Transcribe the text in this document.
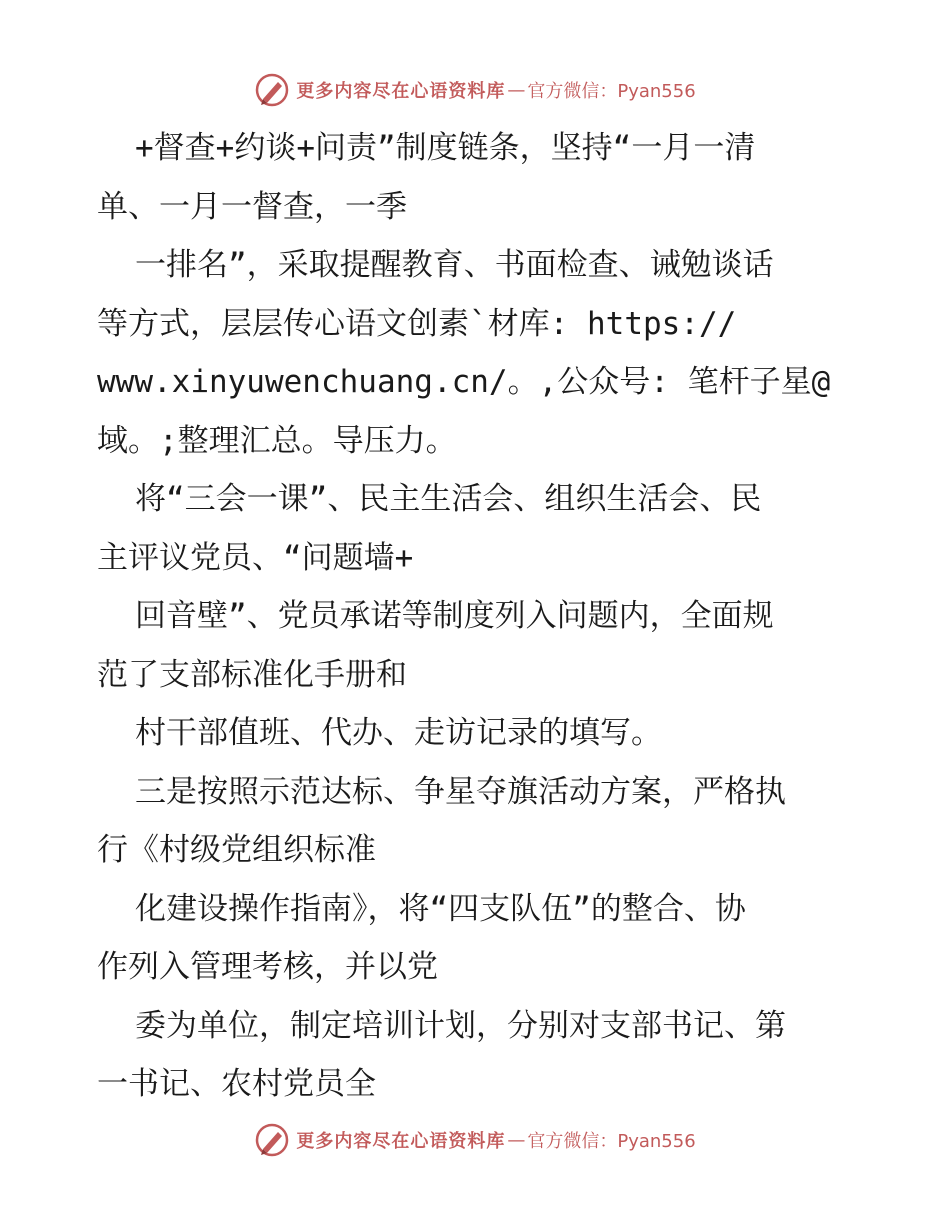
更多内容尽在心语资料库 — 官方微信：Pyan556
+督查+约谈+问责”制度链条，坚持“一月一清
单、一月一督查，一季
一排名”，采取提醒教育、书面检查、诫勉谈话
等方式，层层传心语文创素`材库: https://
www.xinyuwenchuang.cn/。,公众号: 笔杆子星@
域。;整理汇总。导压力。
将“三会一课”、民主生活会、组织生活会、民
主评议党员、“问题墙+
回音壁”、党员承诺等制度列入问题内，全面规
范了支部标准化手册和
村干部值班、代办、走访记录的填写。
三是按照示范达标、争星夺旗活动方案，严格执
行《村级党组织标准
化建设操作指南》，将“四支队伍”的整合、协
作列入管理考核，并以党
委为单位，制定培训计划，分别对支部书记、第
一书记、农村党员全
更多内容尽在心语资料库 — 官方微信：Pyan556
